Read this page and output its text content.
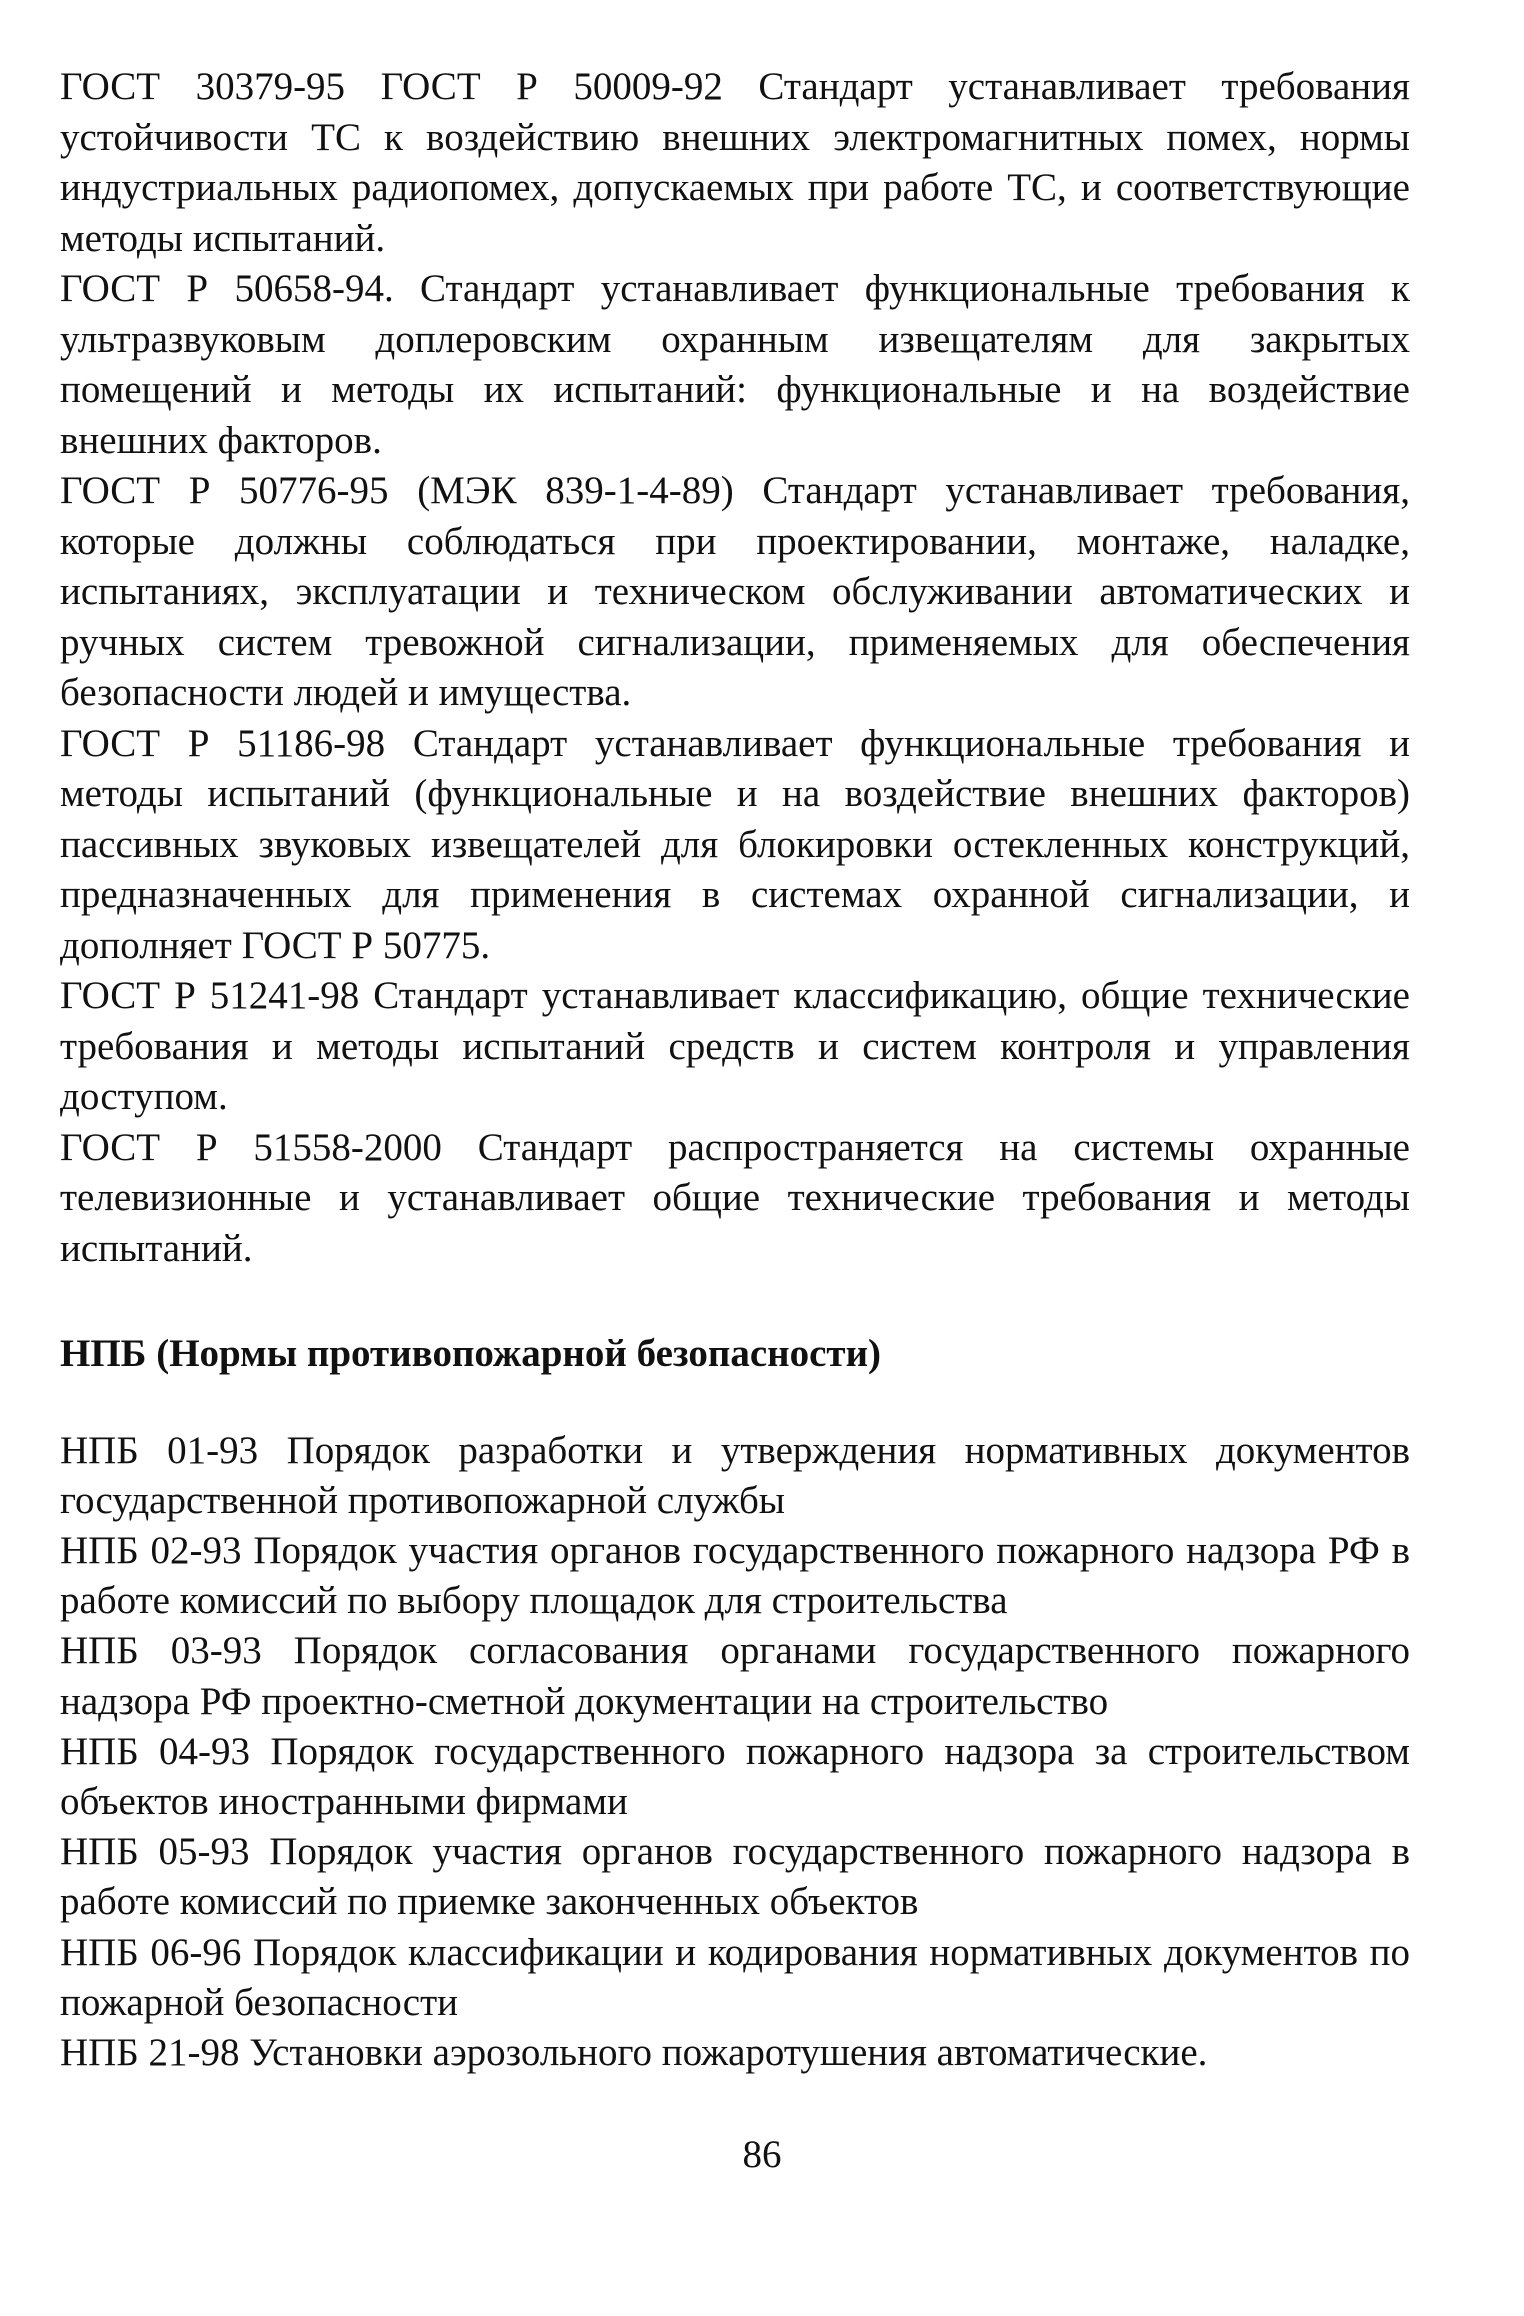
ГОСТ 30379-95 ГОСТ Р 50009-92 Стандарт устанавливает требования устойчивости ТС к воздействию внешних электромагнитных помех, нормы индустриальных радиопомех, допускаемых при работе ТС, и соответствующие методы испытаний.

ГОСТ Р 50658-94. Стандарт устанавливает функциональные требования к ультразвуковым доплеровским охранным извещателям для закрытых помещений и методы их испытаний: функциональные и на воздействие внешних факторов.

ГОСТ Р 50776-95 (МЭК 839-1-4-89) Стандарт устанавливает требования, которые должны соблюдаться при проектировании, монтаже, наладке, испытаниях, эксплуатации и техническом обслуживании автоматических и ручных систем тревожной сигнализации, применяемых для обеспечения безопасности людей и имущества.

ГОСТ Р 51186-98 Стандарт устанавливает функциональные требования и методы испытаний (функциональные и на воздействие внешних факторов) пассивных звуковых извещателей для блокировки остекленных конструкций, предназначенных для применения в системах охранной сигнализации, и дополняет ГОСТ Р 50775.

ГОСТ Р 51241-98 Стандарт устанавливает классификацию, общие технические требования и методы испытаний средств и систем контроля и управления доступом.

ГОСТ Р 51558-2000 Стандарт распространяется на системы охранные телевизионные и устанавливает общие технические требования и методы испытаний.

НПБ (Нормы противопожарной безопасности)

НПБ 01-93 Порядок разработки и утверждения нормативных документов государственной противопожарной службы

НПБ 02-93 Порядок участия органов государственного пожарного надзора РФ в работе комиссий по выбору площадок для строительства

НПБ 03-93 Порядок согласования органами государственного пожарного надзора РФ проектно-сметной документации на строительство

НПБ 04-93 Порядок государственного пожарного надзора за строительством объектов иностранными фирмами

НПБ 05-93 Порядок участия органов государственного пожарного надзора в работе комиссий по приемке законченных объектов

НПБ 06-96 Порядок классификации и кодирования нормативных документов по пожарной безопасности

НПБ 21-98 Установки аэрозольного пожаротушения автоматические.

86
